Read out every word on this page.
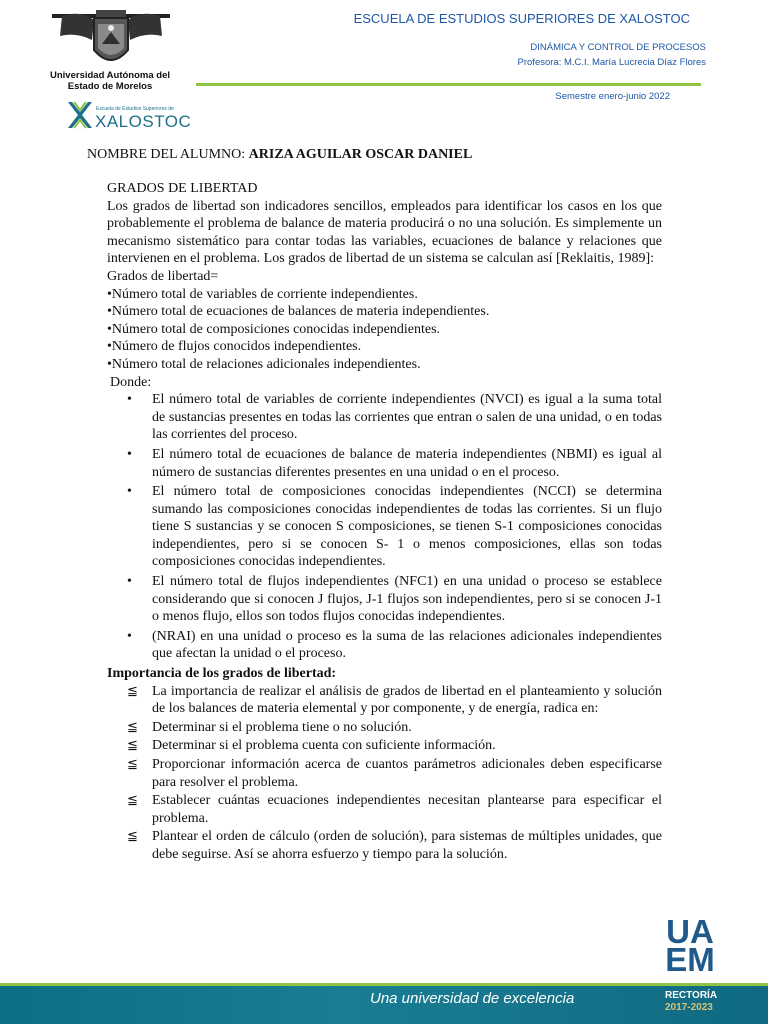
Universidad Autónoma del
Estado de Morelos
Escuela de Estudios Superiores de
XALOSTOC
ESCUELA DE ESTUDIOS SUPERIORES DE XALOSTOC
DINÁMICA Y CONTROL DE PROCESOS
Profesora: M.C.I. María Lucrecia Díaz Flores
Semestre enero-junio 2022
NOMBRE DEL ALUMNO: ARIZA AGUILAR OSCAR DANIEL

GRADOS DE LIBERTAD

Los grados de libertad son indicadores sencillos, empleados para identificar los casos en los que probablemente el problema de balance de materia producirá o no una solución. Es simplemente un mecanismo sistemático para contar todas las variables, ecuaciones de balance y relaciones que intervienen en el problema. Los grados de libertad de un sistema se calculan así [Reklaitis, 1989]:

Grados de libertad=

•Número total de variables de corriente independientes.

•Número total de ecuaciones de balances de materia independientes.

•Número total de composiciones conocidas independientes.

•Número de flujos conocidos independientes.

•Número total de relaciones adicionales independientes.

Donde:

• El número total de variables de corriente independientes (NVCI) es igual a la suma total de sustancias presentes en todas las corrientes que entran o salen de una unidad, o en todas las corrientes del proceso.
• El número total de ecuaciones de balance de materia independientes (NBMI) es igual al número de sustancias diferentes presentes en una unidad o en el proceso.
• El número total de composiciones conocidas independientes (NCCI) se determina sumando las composiciones conocidas independientes de todas las corrientes. Si un flujo tiene S sustancias y se conocen S composiciones, se tienen S-1 composiciones conocidas independientes, pero si se conocen S- 1 o menos composiciones, ellas son todas composiciones conocidas independientes.
• El número total de flujos independientes (NFC1) en una unidad o proceso se establece considerando que si conocen J flujos, J-1 flujos son independientes, pero si se conocen J-1 o menos flujo, ellos son todos flujos conocidas independientes.
• (NRAI) en una unidad o proceso es la suma de las relaciones adicionales independientes que afectan la unidad o el proceso.

Importancia de los grados de libertad:

≦ La importancia de realizar el análisis de grados de libertad en el planteamiento y solución de los balances de materia elemental y por componente, y de energía, radica en:
≦ Determinar si el problema tiene o no solución.
≦ Determinar si el problema cuenta con suficiente información.
≦ Proporcionar información acerca de cuantos parámetros adicionales deben especificarse para resolver el problema.
≦ Establecer cuántas ecuaciones independientes necesitan plantearse para especificar el problema.
≦ Plantear el orden de cálculo (orden de solución), para sistemas de múltiples unidades, que debe seguirse. Así se ahorra esfuerzo y tiempo para la solución.
UA
EM
Una universidad de excelencia	RECTORÍA
2017-2023
